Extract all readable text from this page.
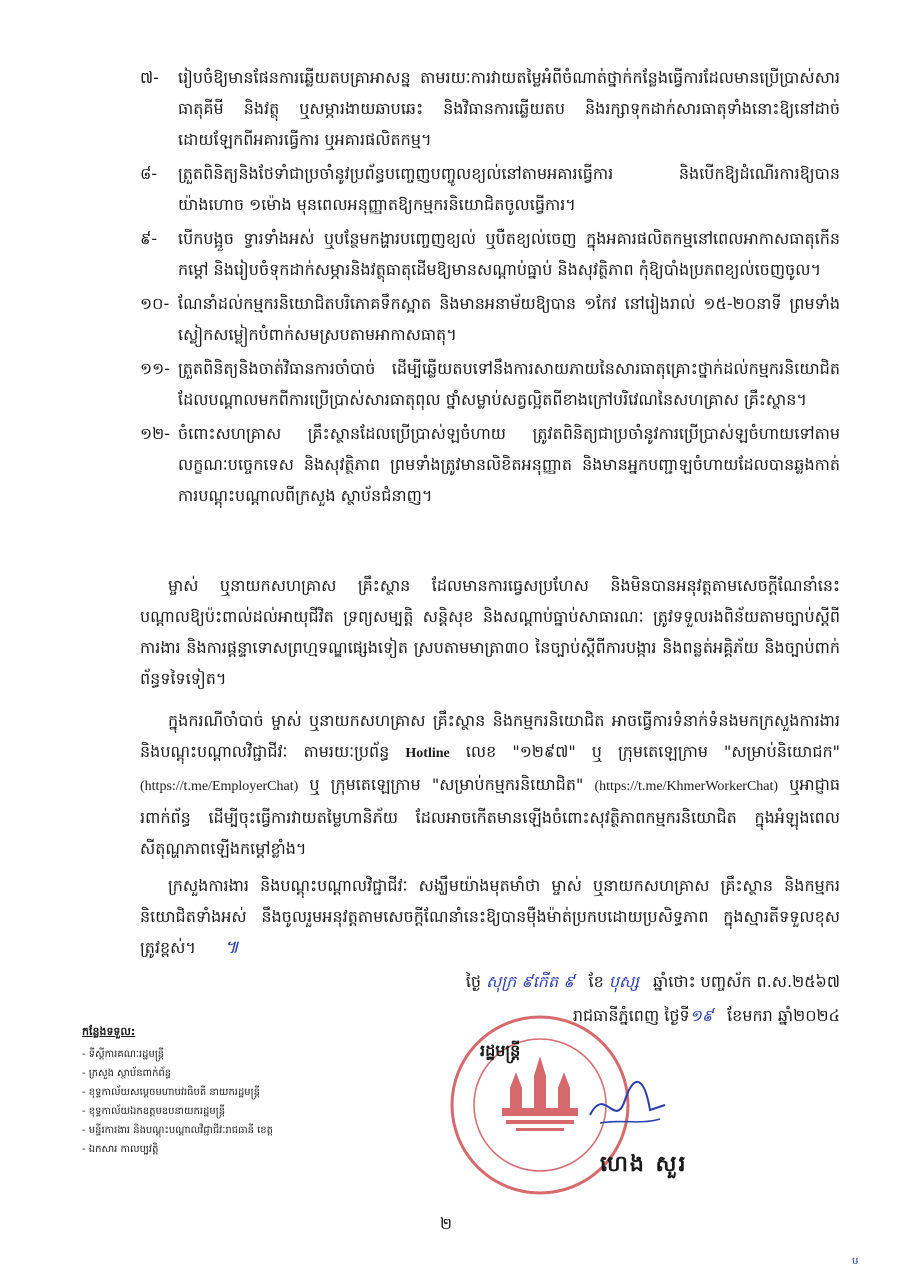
៧-	រៀបចំឱ្យមានផែនការឆ្លើយតបគ្រាអាសន្ន តាមរយៈការវាយតម្លៃអំពីចំណាត់ថ្នាក់កន្លែងធ្វើការដែលមានប្រើប្រាស់សារធាតុគីមី និងវត្ថុ ឬសម្ភារងាយឆាបឆេះ និងវិធានការឆ្លើយតប និងរក្សាទុកដាក់សារធាតុទាំងនោះឱ្យនៅដាច់ដោយឡែកពីអគារធ្វើការ ឬអគារផលិតកម្ម។
៨-	ត្រួតពិនិត្យនិងថែទាំជាប្រចាំនូវប្រព័ន្ធបញ្ចេញបញ្ចូលខ្យល់នៅតាមអគារធ្វើការ និងបើកឱ្យដំណើរការឱ្យបានយ៉ាងហោច ១ម៉ោង មុនពេលអនុញ្ញាតឱ្យកម្មករនិយោជិតចូលធ្វើការ។
៩-	បើកបង្អួច ទ្វារទាំងអស់ ឬបន្ថែមកង្ហារបញ្ចេញខ្យល់ ឬបឺតខ្យល់ចេញ ក្នុងអគារផលិតកម្មនៅពេលអាកាសធាតុកើនកម្តៅ និងរៀបចំទុកដាក់សម្ភារនិងវត្ថុធាតុដើមឱ្យមានសណ្តាប់ធ្នាប់ និងសុវត្ថិភាព កុំឱ្យបាំងប្រភពខ្យល់ចេញចូល។
១០- ណែនាំដល់កម្មករនិយោជិតបរិភោគទឹកស្អាត និងមានអនាម័យឱ្យបាន ១កែវ នៅរៀងរាល់ ១៥-២០នាទី ព្រមទាំងស្លៀកសម្លៀកបំពាក់សមស្របតាមអាកាសធាតុ។
១១- ត្រួតពិនិត្យនិងចាត់វិធានការចាំបាច់ ដើម្បីឆ្លើយតបទៅនឹងការសាយភាយនៃសារធាតុគ្រោះថ្នាក់ដល់កម្មករនិយោជិត ដែលបណ្តាលមកពីការប្រើប្រាស់សារធាតុពុល ថ្នាំសម្លាប់សត្វល្អិតពីខាងក្រៅបរិវេណនៃសហគ្រាស គ្រឹះស្ថាន។
១២- ចំពោះសហគ្រាស គ្រឹះស្ថានដែលប្រើប្រាស់ឡចំហាយ ត្រូវតពិនិត្យជាប្រចាំនូវការប្រើប្រាស់ឡចំហាយទៅតាមលក្ខណៈបច្ចេកទេស និងសុវត្ថិភាព ព្រមទាំងត្រូវមានលិខិតអនុញ្ញាត និងមានអ្នកបញ្ជាឡចំហាយដែលបានឆ្លងកាត់ការបណ្តុះបណ្តាលពីក្រសួង ស្ថាប័នជំនាញ។
ម្ចាស់ ឬនាយកសហគ្រាស គ្រឹះស្ថាន ដែលមានការធ្វេសប្រហែស និងមិនបានអនុវត្តតាមសេចក្តីណែនាំនេះ បណ្តាលឱ្យប៉ះពាល់ដល់អាយុជីវិត ទ្រព្យសម្បត្តិ សន្តិសុខ និងសណ្តាប់ធ្នាប់សាធារណៈ ត្រូវទទួលរងពិន័យតាមច្បាប់ស្តីពីការងារ និងការផ្តន្ទាទោសព្រហ្មទណ្ឌផ្សេងទៀត ស្របតាមមាត្រា៣០ នៃច្បាប់ស្តីពីការបង្ការ និងពន្លត់អគ្គិភ័យ និងច្បាប់ពាក់ព័ន្ធទទៃទៀត។
ក្នុងករណីចាំបាច់ ម្ចាស់ ឬនាយកសហគ្រាស គ្រឹះស្ថាន និងកម្មករនិយោជិត អាចធ្វើការទំនាក់ទំនងមកក្រសួងការងារ និងបណ្តុះបណ្តាលវិជ្ជាជីវៈ តាមរយៈប្រព័ន្ធ Hotline លេខ "១២៩៧" ឬ ក្រុមតេឡេក្រាម "សម្រាប់និយោជក" (https://t.me/EmployerChat) ឬ ក្រុមតេឡេក្រាម "សម្រាប់កម្មករនិយោជិត" (https://t.me/KhmerWorkerChat) ឬអាជ្ញាធរពាក់ព័ន្ធ ដើម្បីចុះធ្វើការវាយតម្លៃហានិភ័យ ដែលអាចកើតមានឡើងចំពោះសុវត្ថិភាពកម្មករនិយោជិត ក្នុងអំឡុងពេលសីតុណ្ហភាពឡើងកម្តៅខ្លាំង។
ក្រសួងការងារ និងបណ្តុះបណ្តាលវិជ្ជាជីវៈ សង្ឃឹមយ៉ាងមុតមាំថា ម្ចាស់ ឬនាយកសហគ្រាស គ្រឹះស្ថាន និងកម្មករនិយោជិតទាំងអស់ នឹងចូលរួមអនុវត្តតាមសេចក្តីណែនាំនេះឱ្យបានម៉ឺងម៉ាត់ប្រកបដោយប្រសិទ្ធភាព ក្នុងស្មារតីទទួលខុសត្រូវខ្ពស់។ ៕
ថ្ងៃ សុក្រ ៩កើត ៩ ខែ បុស្ស ឆ្នាំថោះ បញ្ចស័ក ព.ស.២៥៦៧
រាជធានីភ្នំពេញ ថ្ងៃទី១៩ ខែមករា ឆ្នាំ២០២៤
រដ្ឋមន្ត្រី
ហេង សួរ
កន្លែងទទួល:
- ទីស្តីការគណៈរដ្ឋមន្ត្រី
- ក្រសួង ស្ថាប័នពាក់ព័ន្ធ
- ខុទ្ទកាល័យសម្តេចមហាបវរធិបតី នាយករដ្ឋមន្ត្រី
- ខុទ្ទកាល័យឯកឧត្តមឧបនាយករដ្ឋមន្ត្រី
- មន្ទីរការងារ និងបណ្តុះបណ្តាលវិជ្ជាជីវៈរាជធានី ខេត្ត
- ឯកសារ កាលប្បវត្តិ
២
ឞ
